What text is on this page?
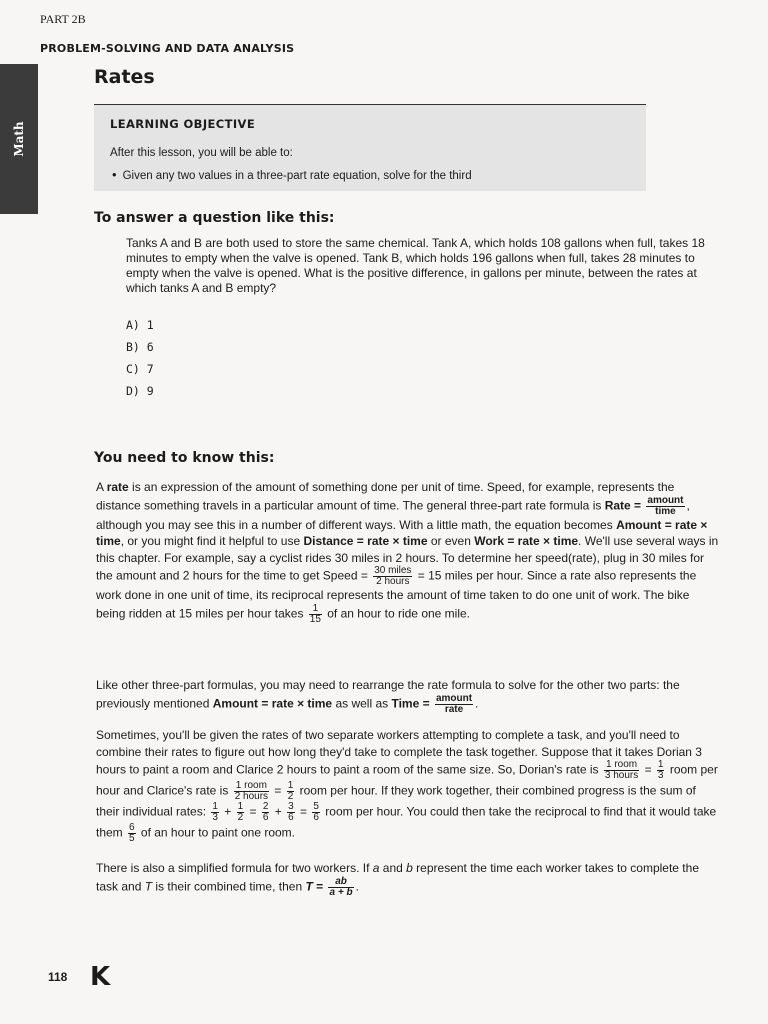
PART 2B
PROBLEM-SOLVING AND DATA ANALYSIS
Math
Rates
LEARNING OBJECTIVE
After this lesson, you will be able to:
• Given any two values in a three-part rate equation, solve for the third
To answer a question like this:
Tanks A and B are both used to store the same chemical. Tank A, which holds 108 gallons when full, takes 18 minutes to empty when the valve is opened. Tank B, which holds 196 gallons when full, takes 28 minutes to empty when the valve is opened. What is the positive difference, in gallons per minute, between the rates at which tanks A and B empty?
A) 1
B) 6
C) 7
D) 9
You need to know this:
A rate is an expression of the amount of something done per unit of time. Speed, for example, represents the distance something travels in a particular amount of time. The general three-part rate formula is Rate = $\frac{\text{amount}}{\text{time}}$ , although you may see this in a number of different ways. With a little math, the equation becomes Amount = rate × time, or you might find it helpful to use Distance = rate × time or even Work = rate × time. We'll use several ways in this chapter. For example, say a cyclist rides 30 miles in 2 hours. To determine her speed(rate), plug in 30 miles for the amount and 2 hours for the time to get Speed = $\frac{\text{30 miles}}{\text{2 hours}} = 15$ miles per hour. Since a rate also represents the work done in one unit of time, its reciprocal represents the amount of time taken to do one unit of work. The bike being ridden at 15 miles per hour takes $\frac{1}{15}$ of an hour to ride one mile.
Like other three-part formulas, you may need to rearrange the rate formula to solve for the other two parts: the previously mentioned Amount = rate × time as well as Time = $\frac{\text{amount}}{\text{rate}}$ .
Sometimes, you'll be given the rates of two separate workers attempting to complete a task, and you'll need to combine their rates to figure out how long they'd take to complete the task together. Suppose that it takes Dorian 3 hours to paint a room and Clarice 2 hours to paint a room of the same size. So, Dorian's rate is $\frac{\text{1 room}}{\text{3 hours}} = \frac{1}{3}$ room per hour and Clarice's rate is $\frac{\text{1 room}}{\text{2 hours}} = \frac{1}{2}$ room per hour. If they work together, their combined progress is the sum of their individual rates: $\frac{1}{3} + \frac{1}{2} = \frac{2}{6} + \frac{3}{6} = \frac{5}{6}$ room per hour. You could then take the reciprocal to find that it would take them $\frac{6}{5}$ of an hour to paint one room.
There is also a simplified formula for two workers. If a and b represent the time each worker takes to complete the task and T is their combined time, then $T = \frac{ab}{a + b}$ .
118 K
